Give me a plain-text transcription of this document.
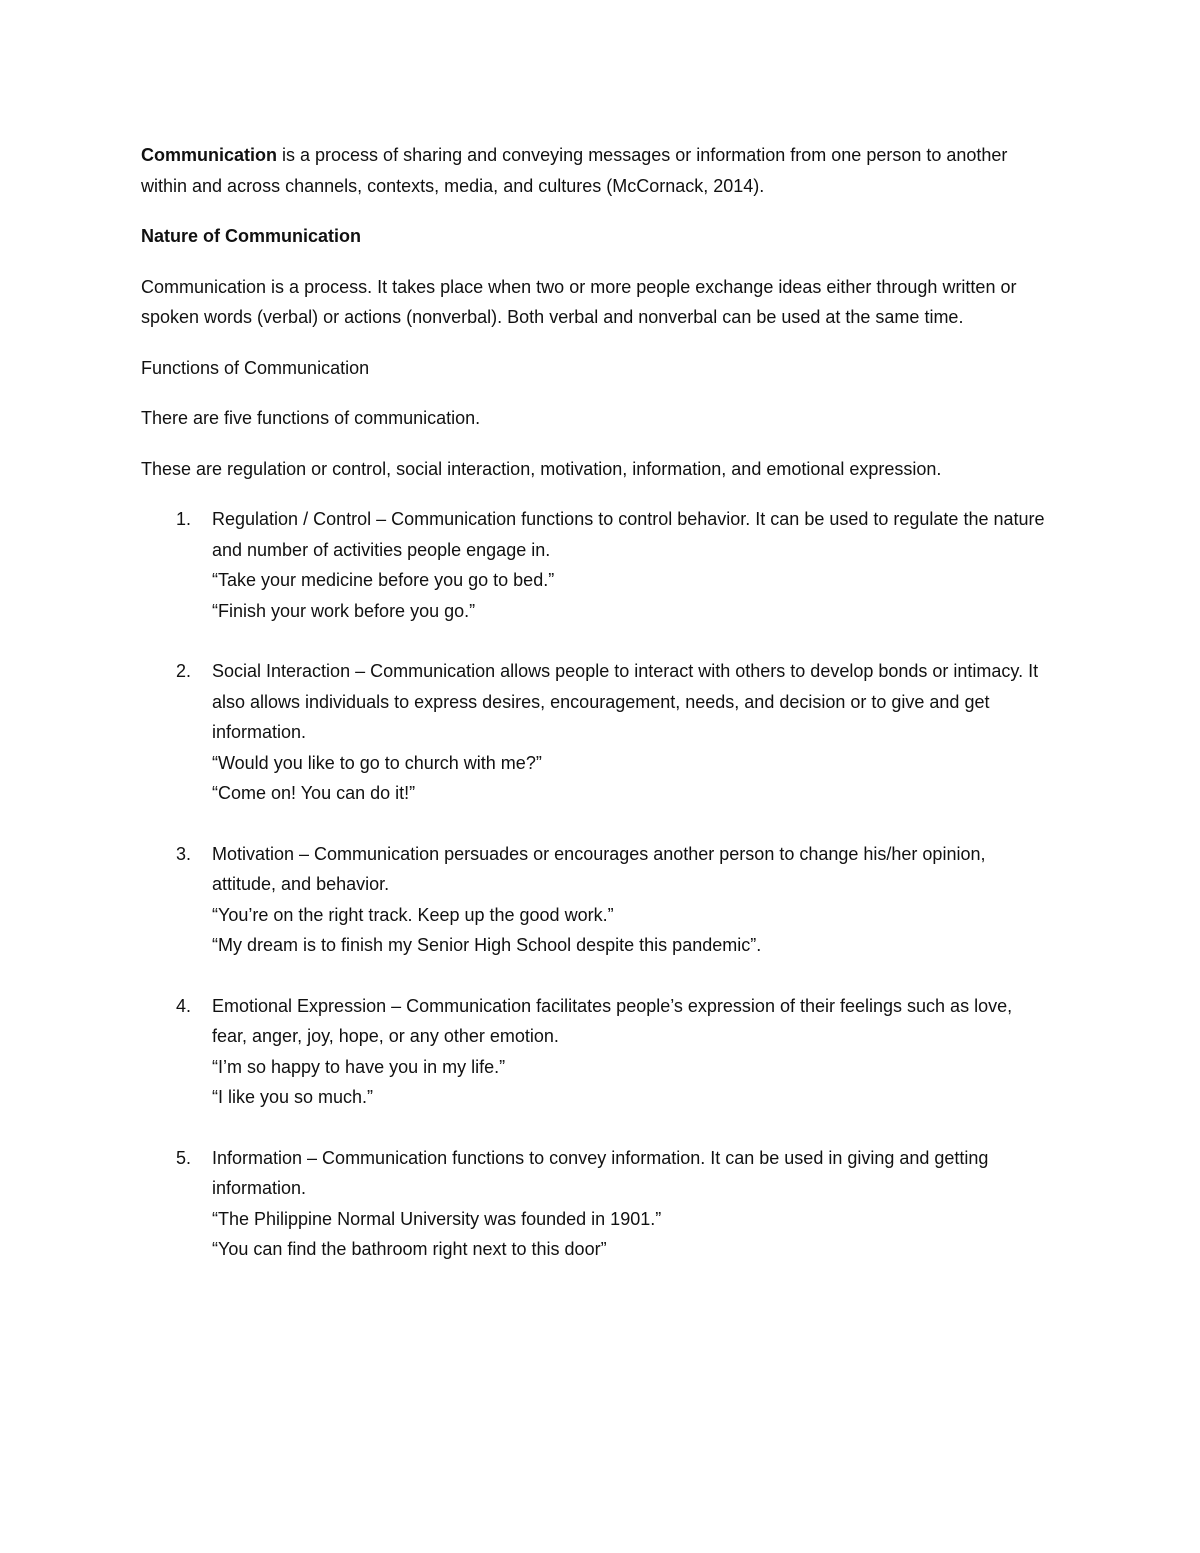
Communication is a process of sharing and conveying messages or information from one person to another within and across channels, contexts, media, and cultures (McCornack, 2014).

Nature of Communication

Communication is a process. It takes place when two or more people exchange ideas either through written or spoken words (verbal) or actions (nonverbal). Both verbal and nonverbal can be used at the same time.

Functions of Communication

There are five functions of communication.

These are regulation or control, social interaction, motivation, information, and emotional expression.

1. Regulation / Control – Communication functions to control behavior. It can be used to regulate the nature and number of activities people engage in.
“Take your medicine before you go to bed.”
“Finish your work before you go.”
2. Social Interaction – Communication allows people to interact with others to develop bonds or intimacy. It also allows individuals to express desires, encouragement, needs, and decision or to give and get information.
“Would you like to go to church with me?”
“Come on! You can do it!”
3. Motivation – Communication persuades or encourages another person to change his/her opinion, attitude, and behavior.
“You’re on the right track. Keep up the good work.”
“My dream is to finish my Senior High School despite this pandemic”.
4. Emotional Expression – Communication facilitates people’s expression of their feelings such as love, fear, anger, joy, hope, or any other emotion.
“I’m so happy to have you in my life.”
“I like you so much.”
5. Information – Communication functions to convey information. It can be used in giving and getting information.
“The Philippine Normal University was founded in 1901.”
“You can find the bathroom right next to this door”
